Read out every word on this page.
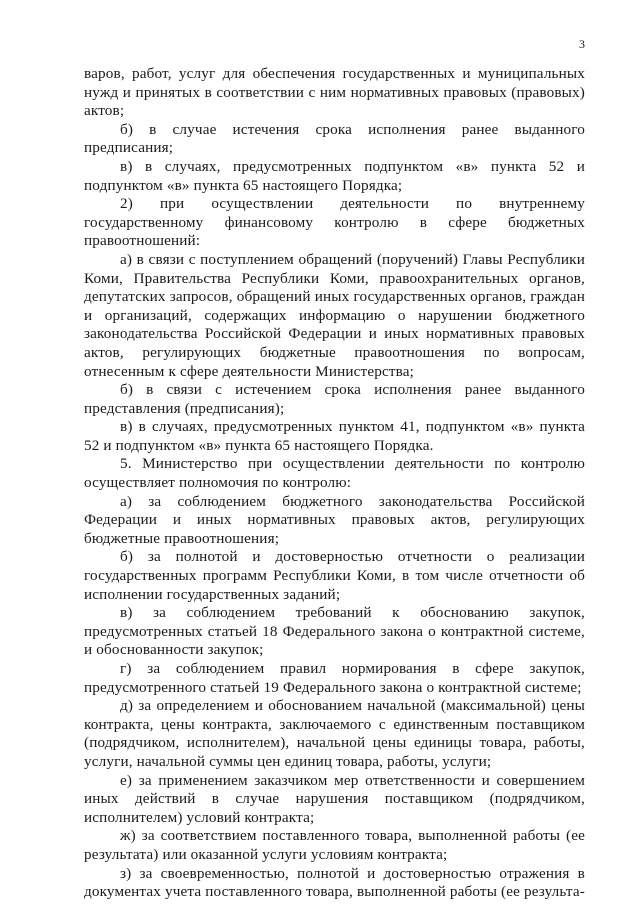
3

варов, работ, услуг для обеспечения государственных и муниципальных нужд и принятых в соответствии с ним нормативных правовых (правовых) актов;

б) в случае истечения срока исполнения ранее выданного предписания;

в) в случаях, предусмотренных подпунктом «в» пункта 52 и подпунктом «в» пункта 65 настоящего Порядка;

2) при осуществлении деятельности по внутреннему государственному финансовому контролю в сфере бюджетных правоотношений:

а) в связи с поступлением обращений (поручений) Главы Республики Коми, Правительства Республики Коми, правоохранительных органов, депутатских запросов, обращений иных государственных органов, граждан и организаций, содержащих информацию о нарушении бюджетного законодательства Российской Федерации и иных нормативных правовых актов, регулирующих бюджетные правоотношения по вопросам, отнесенным к сфере деятельности Министерства;

б) в связи с истечением срока исполнения ранее выданного представления (предписания);

в) в случаях, предусмотренных пунктом 41, подпунктом «в» пункта 52 и подпунктом «в» пункта 65 настоящего Порядка.

5. Министерство при осуществлении деятельности по контролю осуществляет полномочия по контролю:

а) за соблюдением бюджетного законодательства Российской Федерации и иных нормативных правовых актов, регулирующих бюджетные правоотношения;

б) за полнотой и достоверностью отчетности о реализации государственных программ Республики Коми, в том числе отчетности об исполнении государственных заданий;

в) за соблюдением требований к обоснованию закупок, предусмотренных статьей 18 Федерального закона о контрактной системе, и обоснованности закупок;

г) за соблюдением правил нормирования в сфере закупок, предусмотренного статьей 19 Федерального закона о контрактной системе;

д) за определением и обоснованием начальной (максимальной) цены контракта, цены контракта, заключаемого с единственным поставщиком (подрядчиком, исполнителем), начальной цены единицы товара, работы, услуги, начальной суммы цен единиц товара, работы, услуги;

е) за применением заказчиком мер ответственности и совершением иных действий в случае нарушения поставщиком (подрядчиком, исполнителем) условий контракта;

ж) за соответствием поставленного товара, выполненной работы (ее результата) или оказанной услуги условиям контракта;

з) за своевременностью, полнотой и достоверностью отражения в документах учета поставленного товара, выполненной работы (ее результа-
